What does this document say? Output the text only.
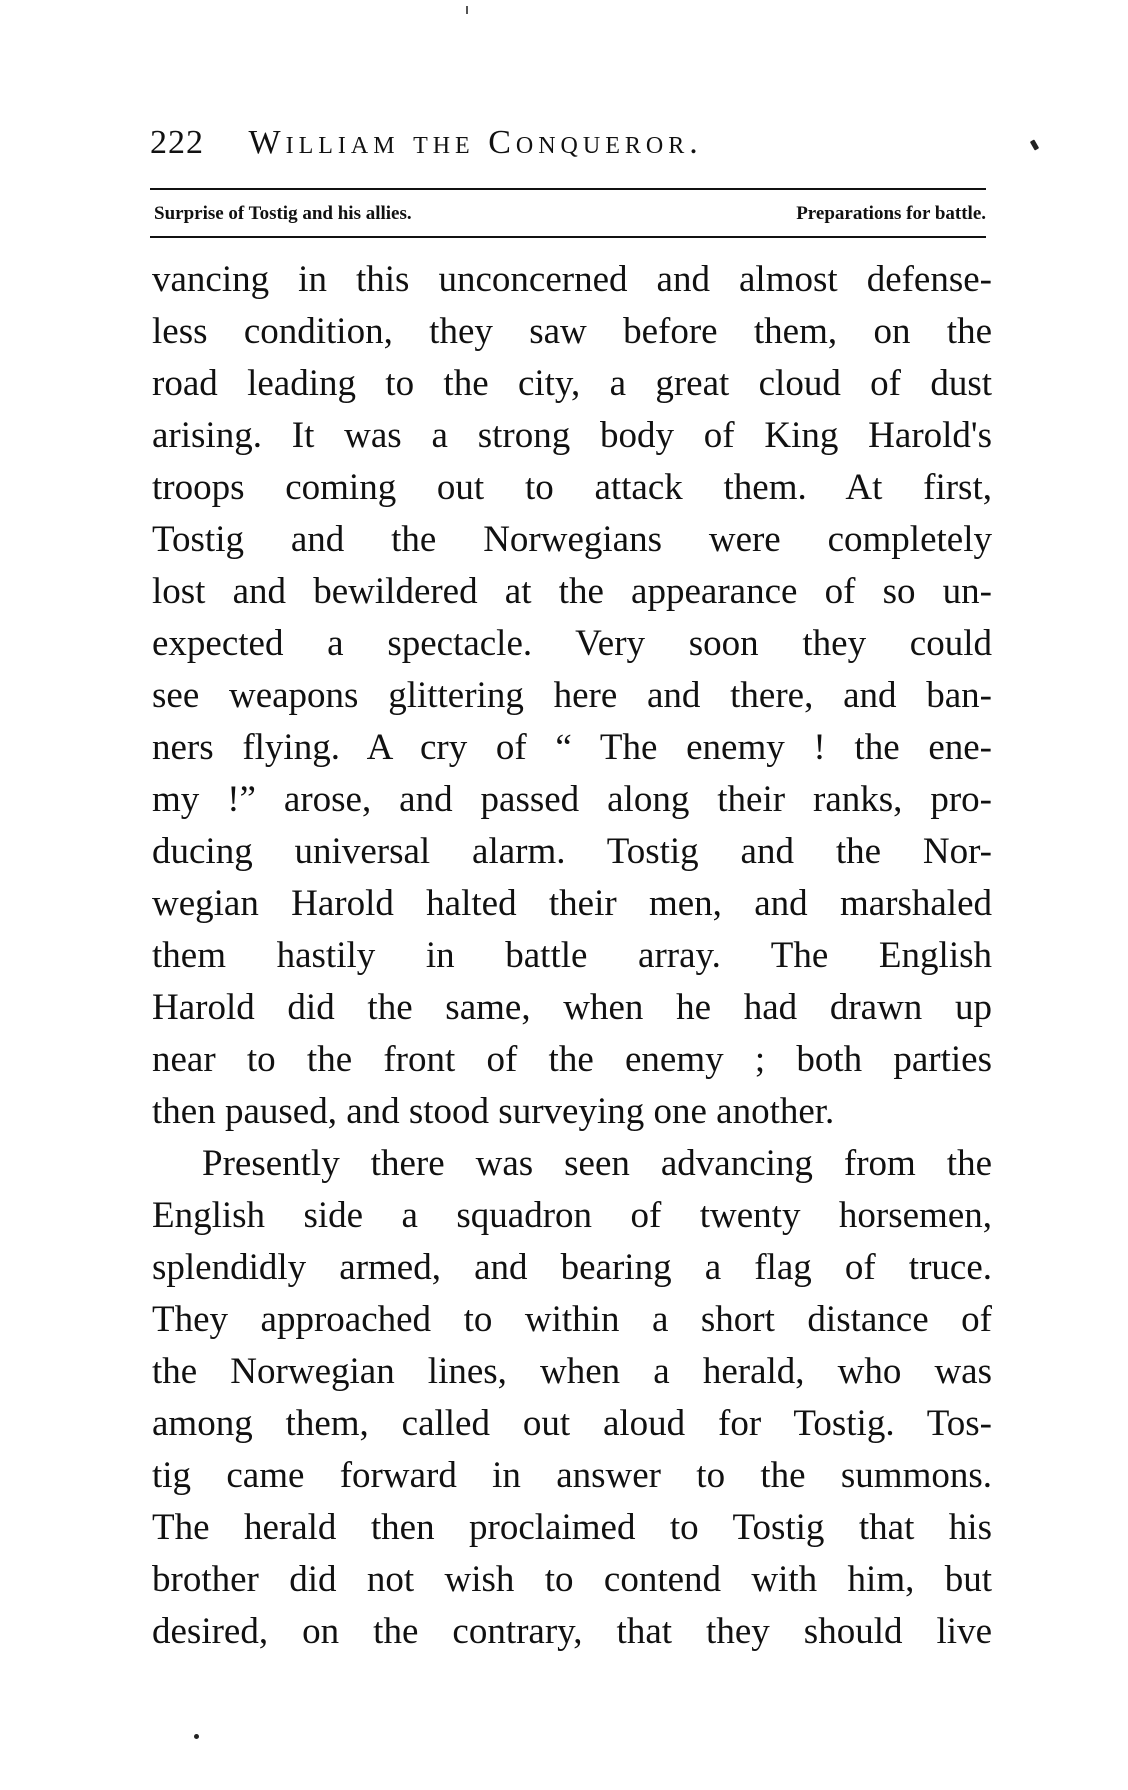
222 William the Conqueror.
Surprise of Tostig and his allies.	Preparations for battle.
vancing in this unconcerned and almost defense-
less condition, they saw before them, on the
road leading to the city, a great cloud of dust
arising. It was a strong body of King Harold's
troops coming out to attack them. At first,
Tostig and the Norwegians were completely
lost and bewildered at the appearance of so un-
expected a spectacle. Very soon they could
see weapons glittering here and there, and ban-
ners flying. A cry of “ The enemy ! the ene-
my !” arose, and passed along their ranks, pro-
ducing universal alarm. Tostig and the Nor-
wegian Harold halted their men, and marshaled
them hastily in battle array. The English
Harold did the same, when he had drawn up
near to the front of the enemy ; both parties
then paused, and stood surveying one another.
Presently there was seen advancing from the
English side a squadron of twenty horsemen,
splendidly armed, and bearing a flag of truce.
They approached to within a short distance of
the Norwegian lines, when a herald, who was
among them, called out aloud for Tostig. Tos-
tig came forward in answer to the summons.
The herald then proclaimed to Tostig that his
brother did not wish to contend with him, but
desired, on the contrary, that they should live
